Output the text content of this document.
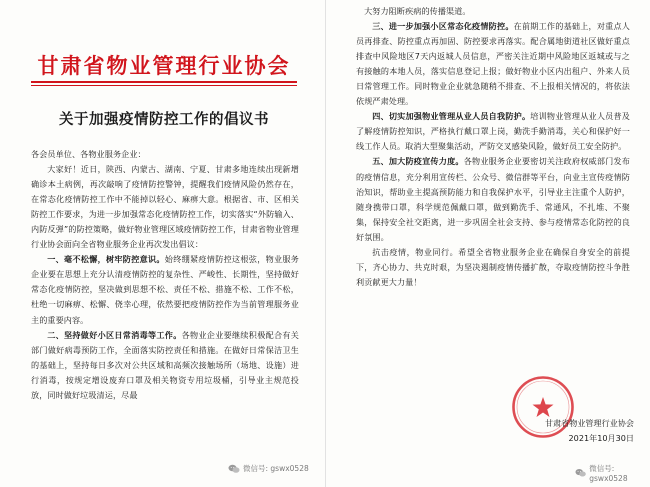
甘肃省物业管理行业协会
关于加强疫情防控工作的倡议书

各会员单位、各物业服务企业：

大家好！近日，陕西、内蒙古、湖南、宁夏、甘肃多地连续出现新增确诊本土病例，再次敲响了疫情防控警钟，提醒我们疫情风险仍然存在，在常态化疫情防控工作中不能掉以轻心、麻痹大意。根据省、市、区相关防控工作要求，为进一步加强常态化疫情防控工作，切实落实“外防输入、内防反弹”的防控策略，做好物业管理区域疫情防控工作，甘肃省物业管理行业协会面向全省物业服务企业再次发出倡议：

一、毫不松懈，树牢防控意识。始终绷紧疫情防控这根弦，物业服务企业要在思想上充分认清疫情防控的复杂性、严峻性、长期性，坚持做好常态化疫情防控，坚决做到思想不松、责任不松、措施不松、工作不松，杜绝一切麻痹、松懈、侥幸心理，依然要把疫情防控作为当前管理服务业主的重要内容。

二、坚持做好小区日常消毒等工作。各物业企业要继续积极配合有关部门做好病毒预防工作，全面落实防控责任和措施。在做好日常保洁卫生的基础上，坚持每日多次对公共区域和高频次接触场所（场地、设施）进行消毒，按规定增设废弃口罩及相关物资专用垃圾桶，引导业主规范投放，同时做好垃圾清运，尽最

微信号: gswx0528

大努力阻断疾病的传播渠道。

三、进一步加强小区常态化疫情防控。在前期工作的基础上，对重点人员再排查、防控重点再加固、防控要求再落实。配合属地街道社区做好重点排查中风险地区7天内返城人员信息，严密关注近期中风险地区返城或与之有接触的本地人员，落实信息登记上报；做好物业小区内出租户、外来人员日常管理工作。同时物业企业就急随稍不排查、不上报相关情况的，将依法依规严肃处理。

四、切实加强物业管理从业人员自我防护。培训物业管理从业人员普及了解疫情防控知识，严格执行戴口罩上岗，勤洗手勤消毒，关心和保护好一线工作人员。取消大型聚集活动，严防交叉感染风险，做好员工安全防护。

五、加大防疫宣传力度。各物业服务企业要密切关注政府权威部门发布的疫情信息，充分利用宣传栏、公众号、微信群等平台，向业主宣传疫情防治知识，帮助业主提高预防能力和自我保护水平，引导业主注重个人防护，随身携带口罩，科学规范佩戴口罩，做到勤洗手、常通风，不扎堆、不聚集，保持安全社交距离，进一步巩固全社会支持、参与疫情常态化防控的良好氛围。

抗击疫情，物业同行。希望全省物业服务企业在确保自身安全的前提下，齐心协力、共克时艰，为坚决遏制疫情传播扩散，夺取疫情防控斗争胜利贡献更大力量！

甘肃省物业管理行业协会
2021年10月30日
微信号: gswx0528
